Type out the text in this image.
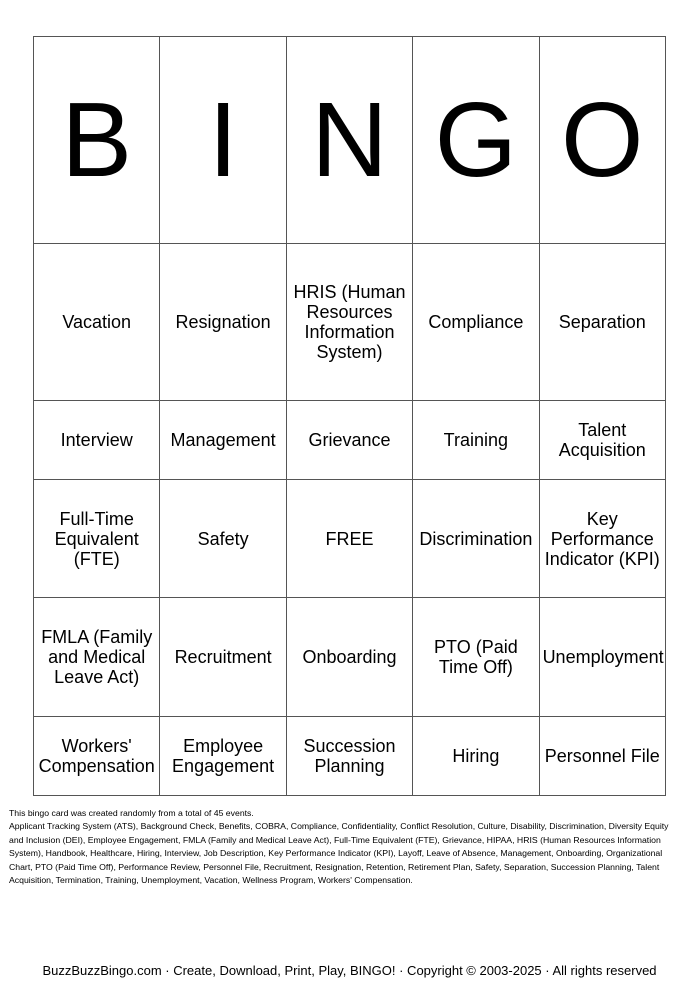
B	I	N	G	O
Vacation	Resignation	HRIS (Human Resources Information System)	Compliance	Separation
Interview	Management	Grievance	Training	Talent Acquisition
Full-Time Equivalent (FTE)	Safety	FREE	Discrimination	Key Performance Indicator (KPI)
FMLA (Family and Medical Leave Act)	Recruitment	Onboarding	PTO (Paid Time Off)	Unemployment
Workers' Compensation	Employee Engagement	Succession Planning	Hiring	Personnel File

This bingo card was created randomly from a total of 45 events.

Applicant Tracking System (ATS), Background Check, Benefits, COBRA, Compliance, Confidentiality, Conflict Resolution, Culture, Disability, Discrimination, Diversity Equity and Inclusion (DEI), Employee Engagement, FMLA (Family and Medical Leave Act), Full-Time Equivalent (FTE), Grievance, HIPAA, HRIS (Human Resources Information System), Handbook, Healthcare, Hiring, Interview, Job Description, Key Performance Indicator (KPI), Layoff, Leave of Absence, Management, Onboarding, Organizational Chart, PTO (Paid Time Off), Performance Review, Personnel File, Recruitment, Resignation, Retention, Retirement Plan, Safety, Separation, Succession Planning, Talent Acquisition, Termination, Training, Unemployment, Vacation, Wellness Program, Workers' Compensation.

BuzzBuzzBingo.com · Create, Download, Print, Play, BINGO! · Copyright © 2003-2025 · All rights reserved
